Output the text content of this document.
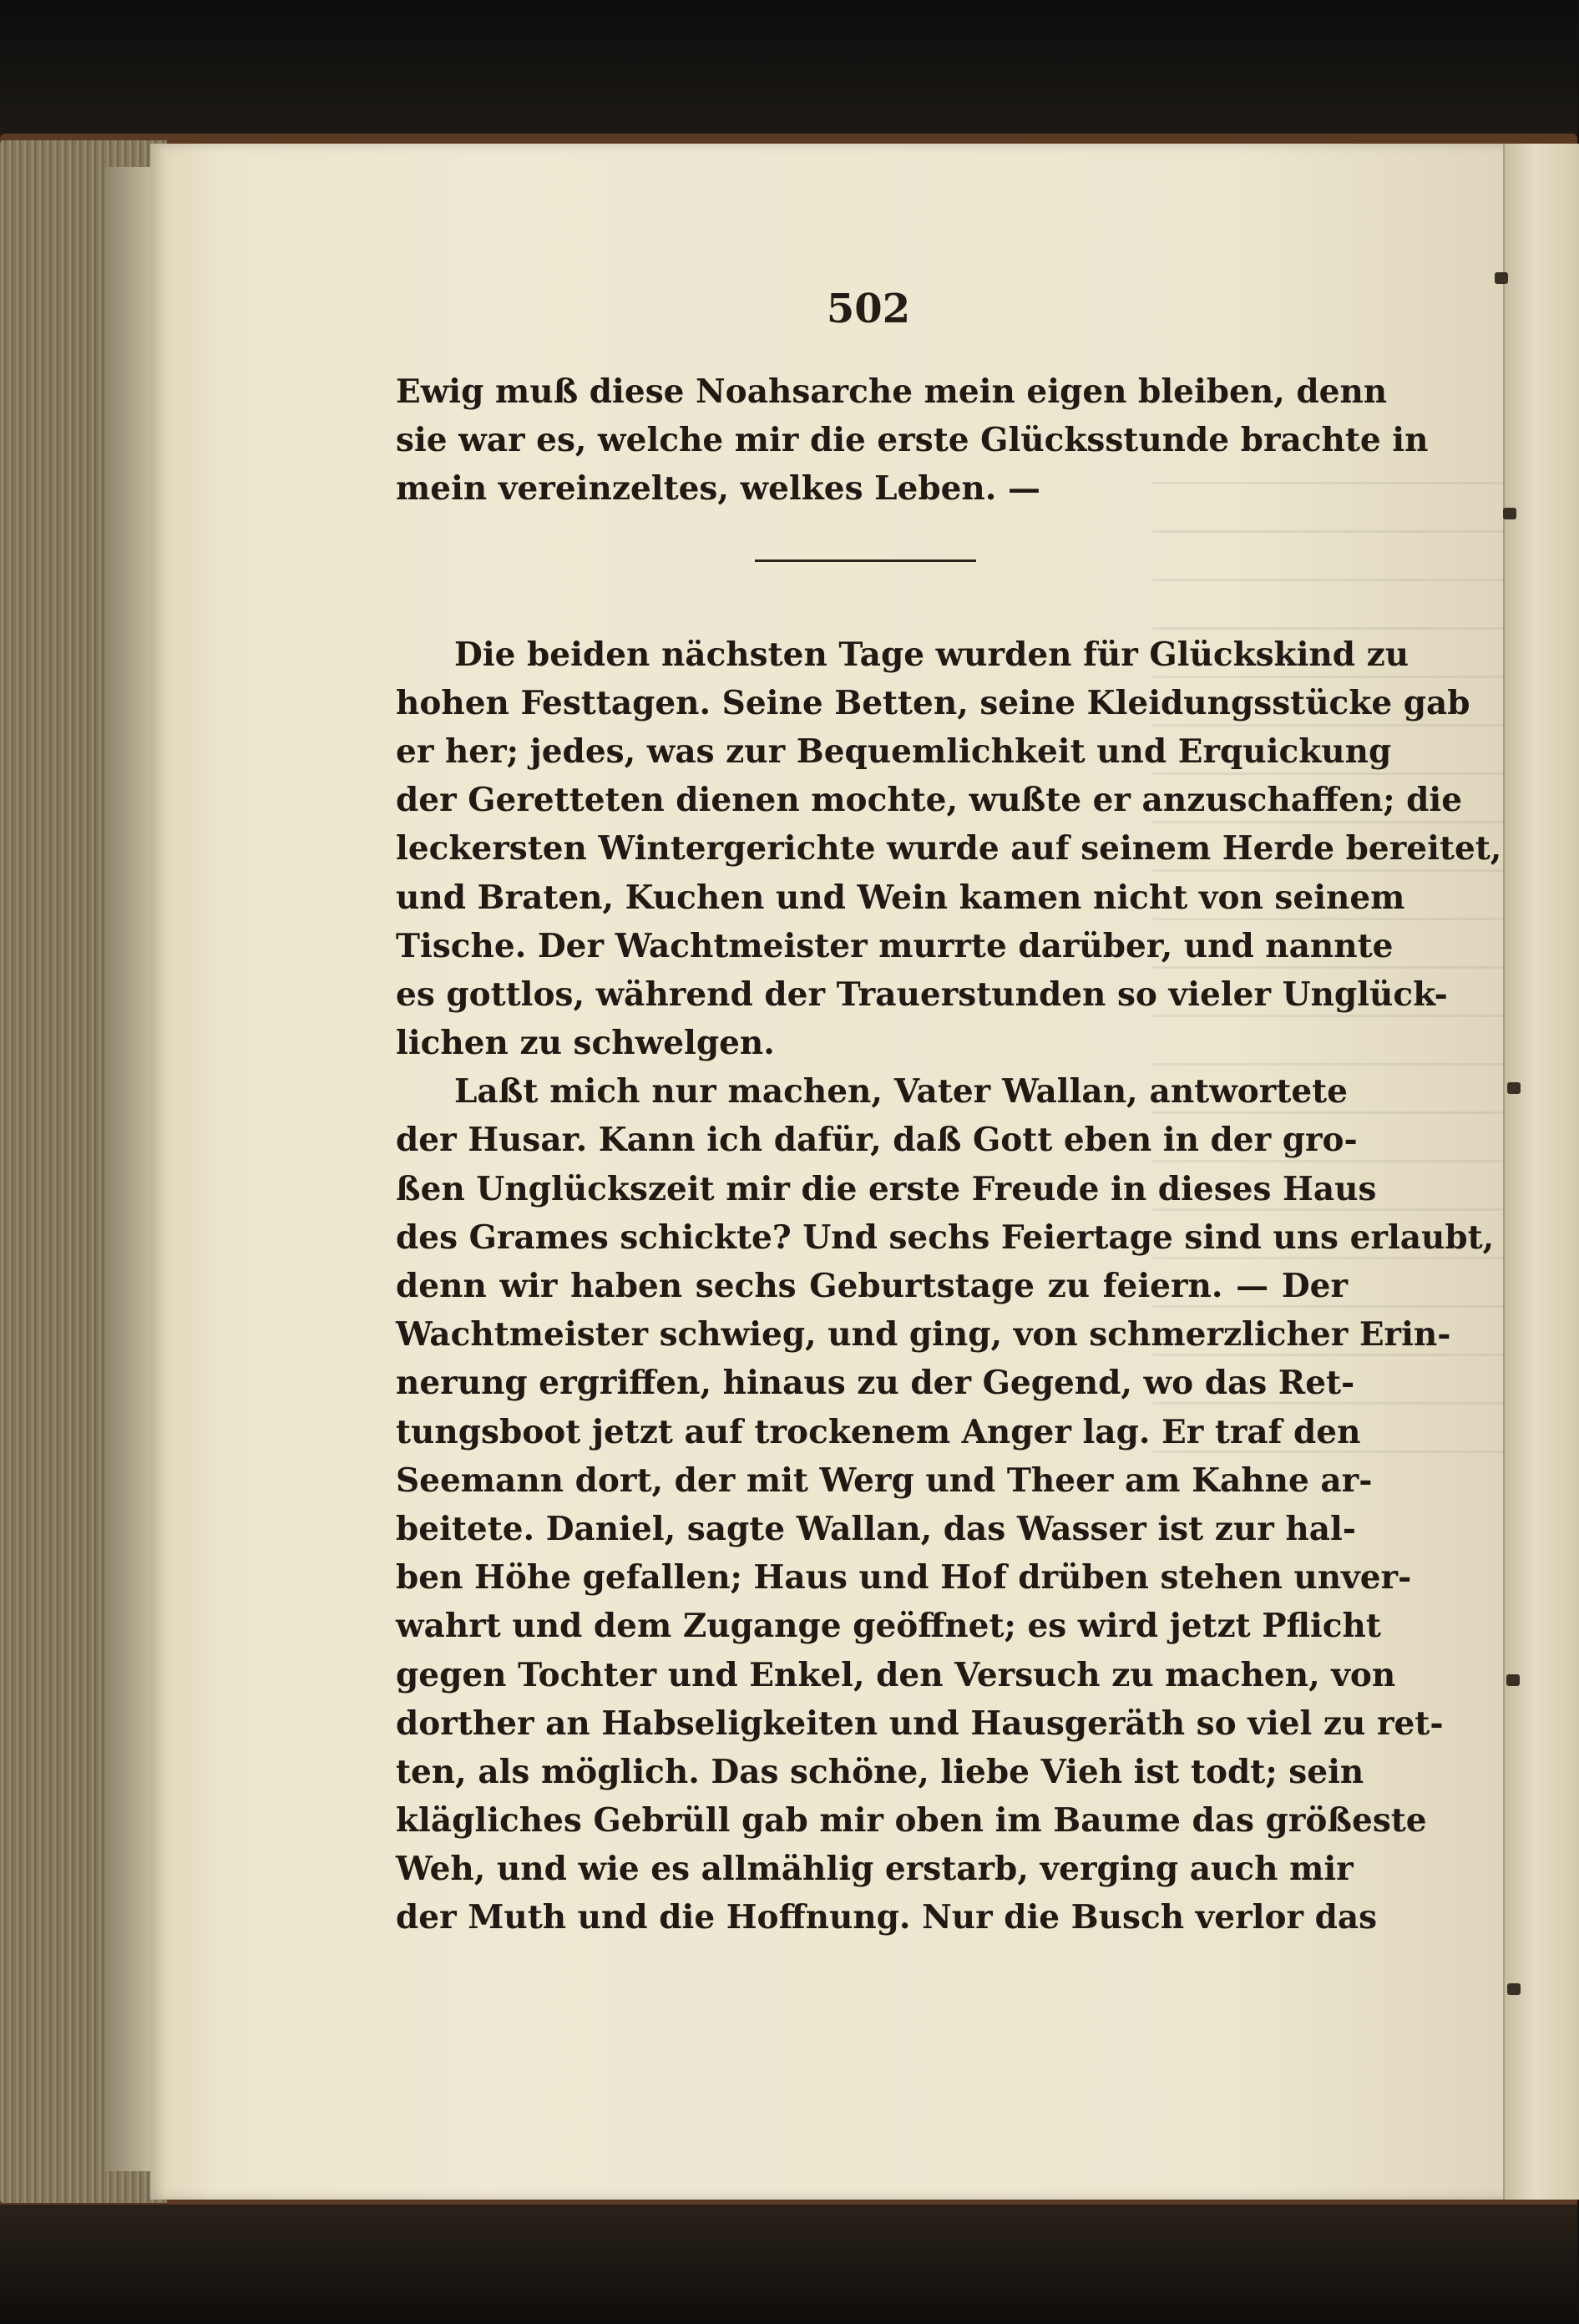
502
Ewig muß diese Noahsarche mein eigen bleiben, denn
sie war es, welche mir die erste Glücksstunde brachte in
mein vereinzeltes, welkes Leben. —
Die beiden nächsten Tage wurden für Glückskind zu
hohen Festtagen. Seine Betten, seine Kleidungsstücke gab
er her; jedes, was zur Bequemlichkeit und Erquickung
der Geretteten dienen mochte, wußte er anzuschaffen; die
leckersten Wintergerichte wurde auf seinem Herde bereitet,
und Braten, Kuchen und Wein kamen nicht von seinem
Tische. Der Wachtmeister murrte darüber, und nannte
es gottlos, während der Trauerstunden so vieler Unglück-
lichen zu schwelgen.
Laßt mich nur machen, Vater Wallan, antwortete
der Husar. Kann ich dafür, daß Gott eben in der gro-
ßen Unglückszeit mir die erste Freude in dieses Haus
des Grames schickte? Und sechs Feiertage sind uns erlaubt,
denn wir haben sechs Geburtstage zu feiern. — Der
Wachtmeister schwieg, und ging, von schmerzlicher Erin-
nerung ergriffen, hinaus zu der Gegend, wo das Ret-
tungsboot jetzt auf trockenem Anger lag. Er traf den
Seemann dort, der mit Werg und Theer am Kahne ar-
beitete. Daniel, sagte Wallan, das Wasser ist zur hal-
ben Höhe gefallen; Haus und Hof drüben stehen unver-
wahrt und dem Zugange geöffnet; es wird jetzt Pflicht
gegen Tochter und Enkel, den Versuch zu machen, von
dorther an Habseligkeiten und Hausgeräth so viel zu ret-
ten, als möglich. Das schöne, liebe Vieh ist todt; sein
klägliches Gebrüll gab mir oben im Baume das größeste
Weh, und wie es allmählig erstarb, verging auch mir
der Muth und die Hoffnung. Nur die Busch verlor das
